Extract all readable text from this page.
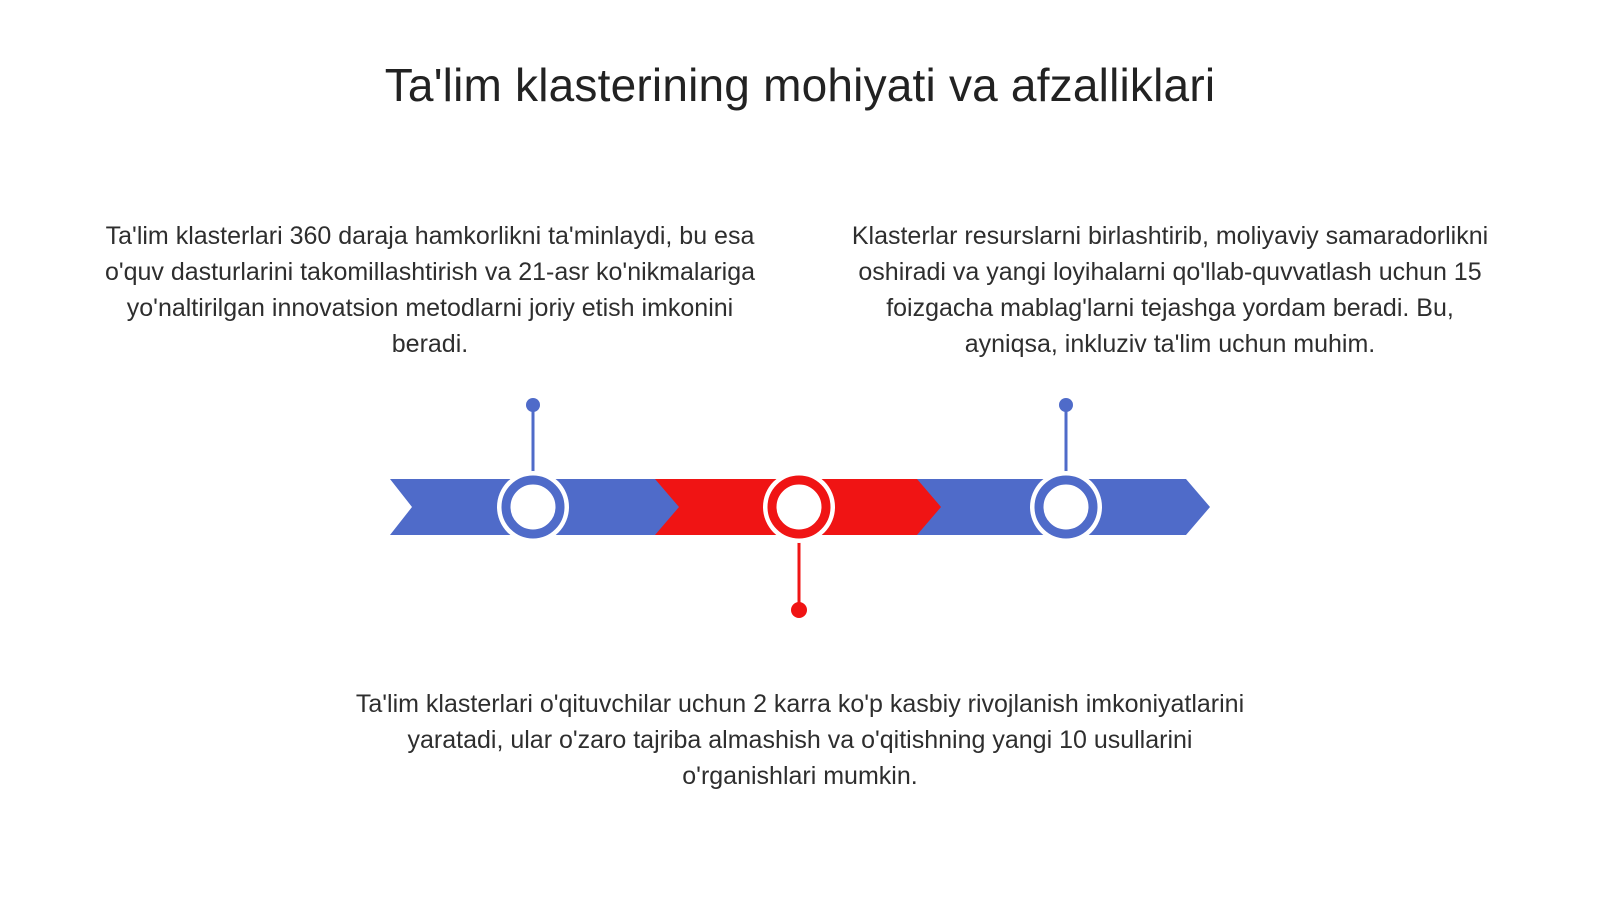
Ta'lim klasterining mohiyati va afzalliklari

Ta'lim klasterlari 360 daraja hamkorlikni ta'minlaydi, bu esa o'quv dasturlarini takomillashtirish va 21-asr ko'nikmalariga yo'naltirilgan innovatsion metodlarni joriy etish imkonini beradi.

Klasterlar resurslarni birlashtirib, moliyaviy samaradorlikni oshiradi va yangi loyihalarni qo'llab-quvvatlash uchun 15 foizgacha mablag'larni tejashga yordam beradi. Bu, ayniqsa, inkluziv ta'lim uchun muhim.

Ta'lim klasterlari o'qituvchilar uchun 2 karra ko'p kasbiy rivojlanish imkoniyatlarini yaratadi, ular o'zaro tajriba almashish va o'qitishning yangi 10 usullarini o'rganishlari mumkin.
